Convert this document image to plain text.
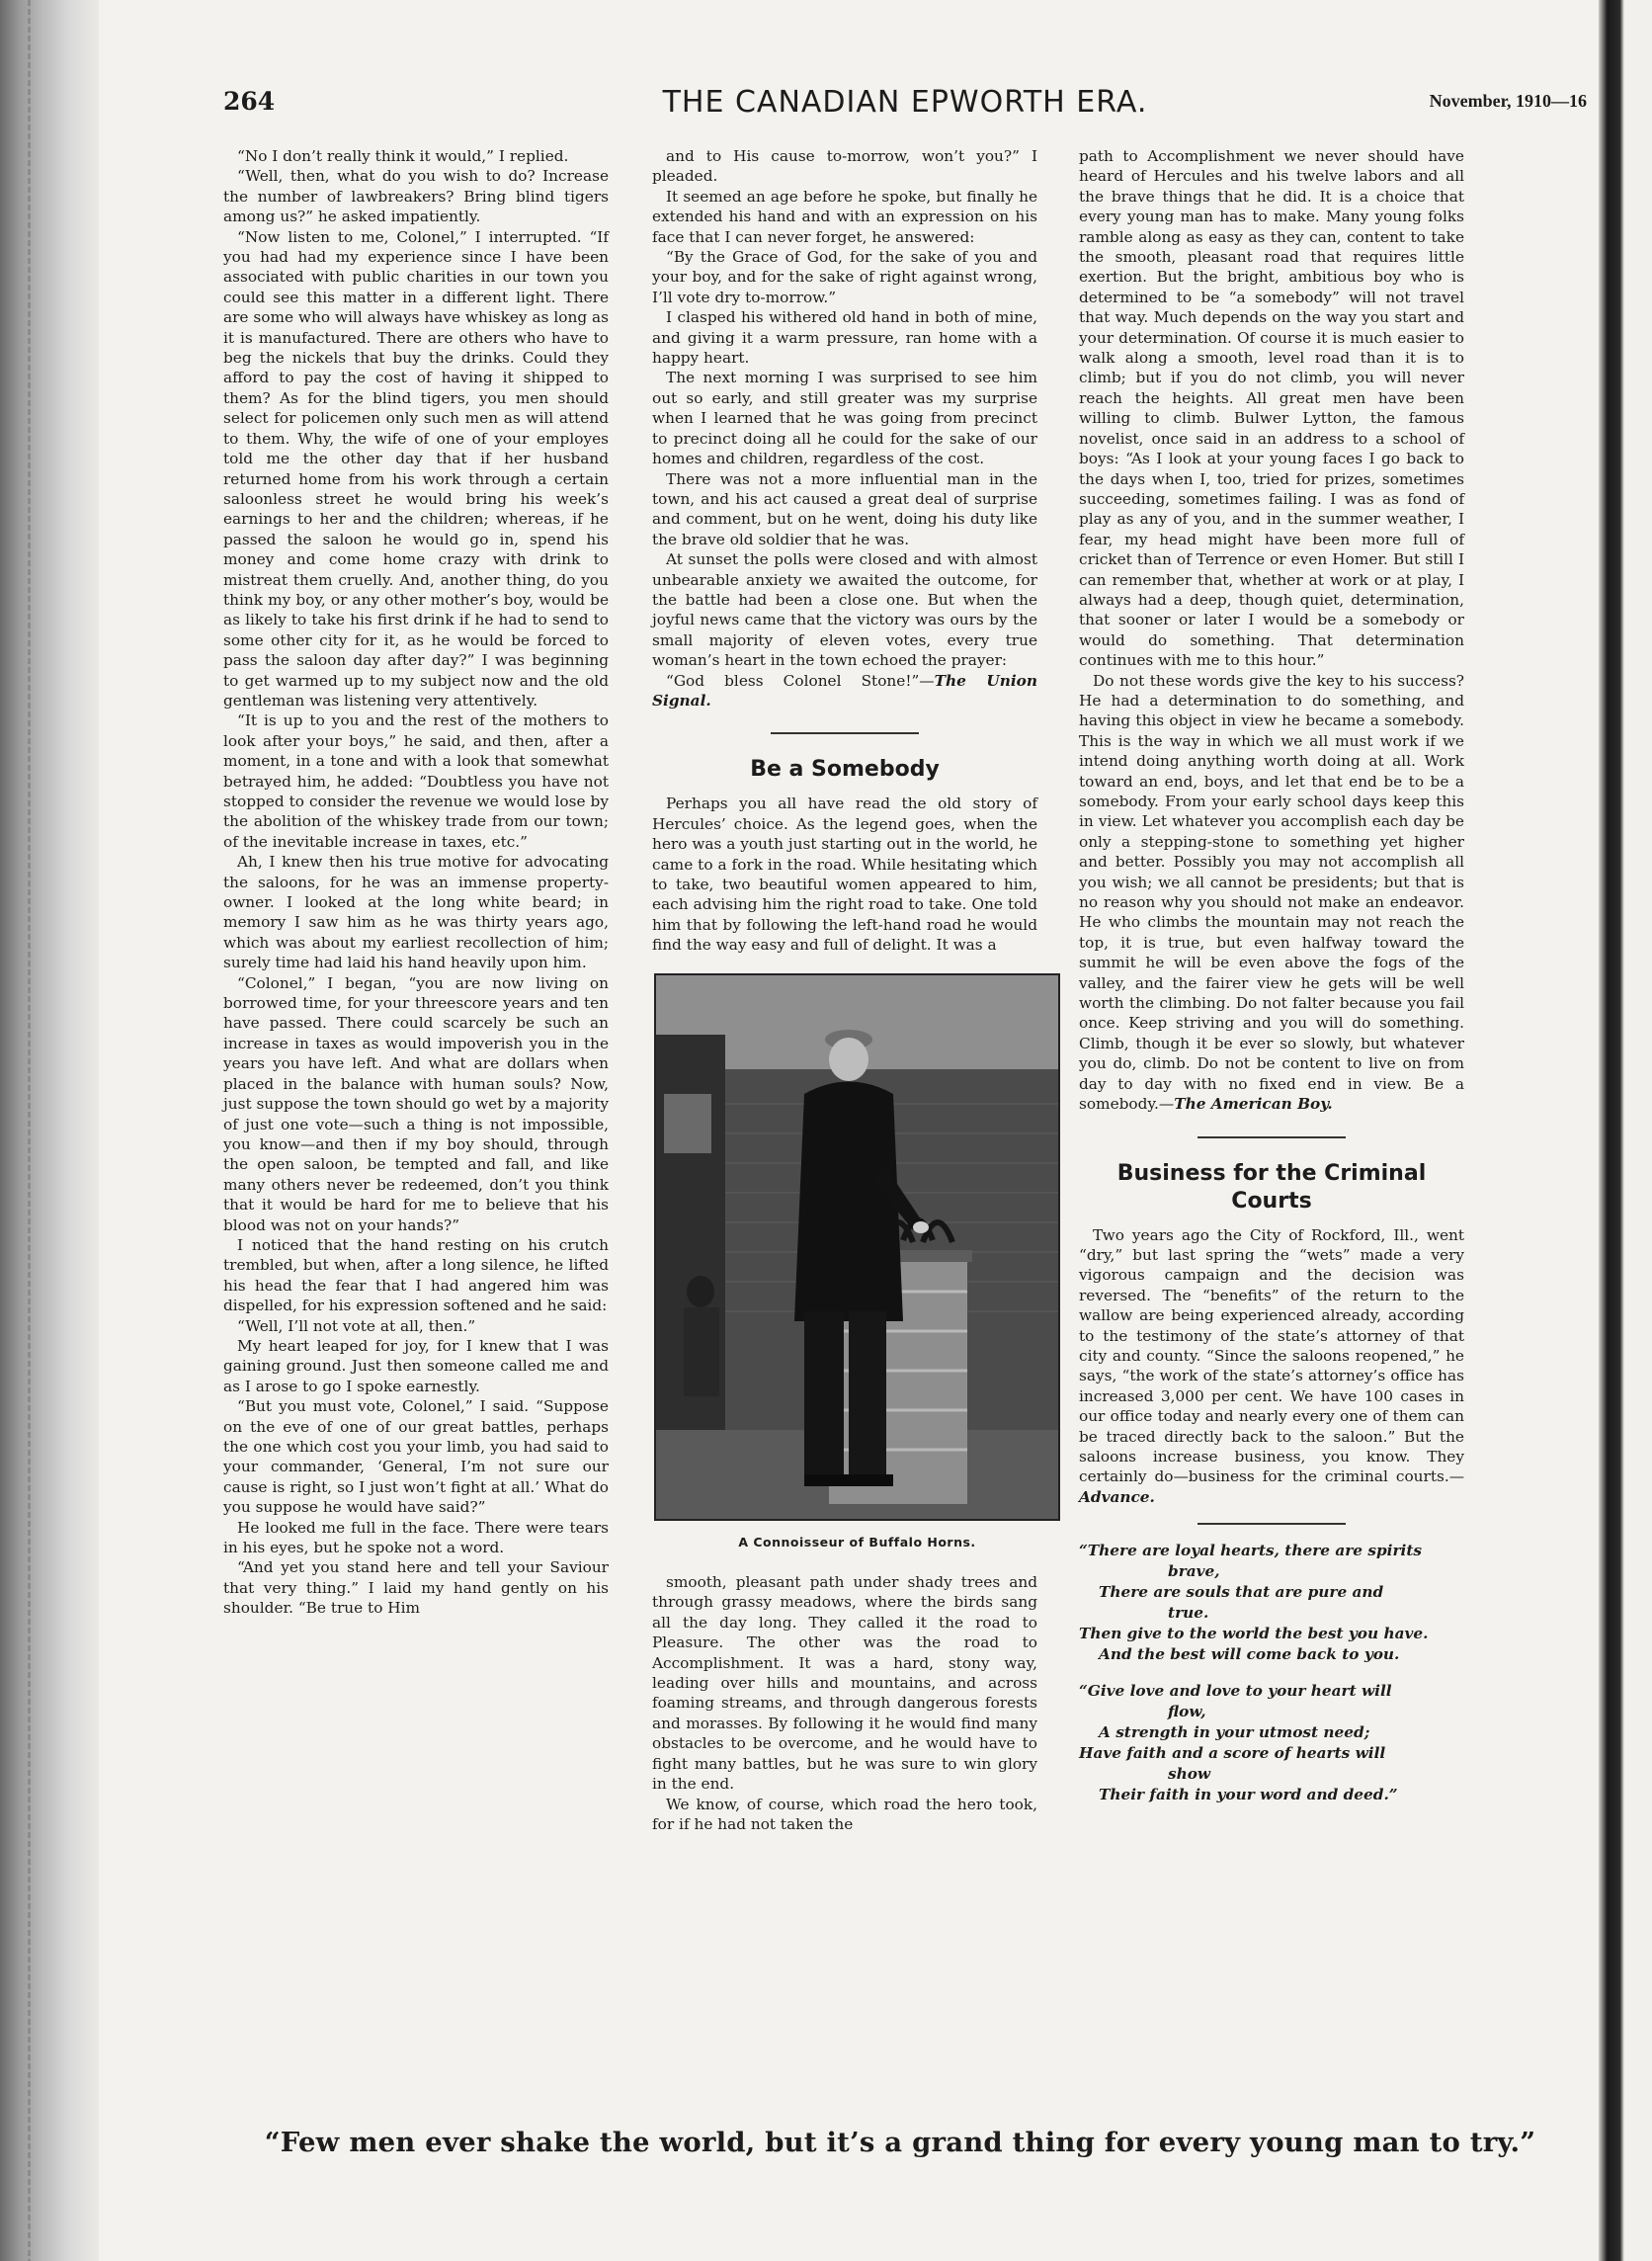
264	THE CANADIAN EPWORTH ERA.	November, 1910—16

“No I don’t really think it would,” I replied.

“Well, then, what do you wish to do? Increase the number of lawbreakers? Bring blind tigers among us?” he asked impatiently.

“Now listen to me, Colonel,” I interrupted. “If you had had my experience since I have been associated with public charities in our town you could see this matter in a different light. There are some who will always have whiskey as long as it is manufactured. There are others who have to beg the nickels that buy the drinks. Could they afford to pay the cost of having it shipped to them? As for the blind tigers, you men should select for policemen only such men as will attend to them. Why, the wife of one of your employes told me the other day that if her husband returned home from his work through a certain saloonless street he would bring his week’s earnings to her and the children; whereas, if he passed the saloon he would go in, spend his money and come home crazy with drink to mistreat them cruelly. And, another thing, do you think my boy, or any other mother’s boy, would be as likely to take his first drink if he had to send to some other city for it, as he would be forced to pass the saloon day after day?” I was beginning to get warmed up to my subject now and the old gentleman was listening very attentively.

“It is up to you and the rest of the mothers to look after your boys,” he said, and then, after a moment, in a tone and with a look that somewhat betrayed him, he added: “Doubtless you have not stopped to consider the revenue we would lose by the abolition of the whiskey trade from our town; of the inevitable increase in taxes, etc.”

Ah, I knew then his true motive for advocating the saloons, for he was an immense property-owner. I looked at the long white beard; in memory I saw him as he was thirty years ago, which was about my earliest recollection of him; surely time had laid his hand heavily upon him.

“Colonel,” I began, “you are now living on borrowed time, for your threescore years and ten have passed. There could scarcely be such an increase in taxes as would impoverish you in the years you have left. And what are dollars when placed in the balance with human souls? Now, just suppose the town should go wet by a majority of just one vote—such a thing is not impossible, you know—and then if my boy should, through the open saloon, be tempted and fall, and like many others never be redeemed, don’t you think that it would be hard for me to believe that his blood was not on your hands?”

I noticed that the hand resting on his crutch trembled, but when, after a long silence, he lifted his head the fear that I had angered him was dispelled, for his expression softened and he said:

“Well, I’ll not vote at all, then.”

My heart leaped for joy, for I knew that I was gaining ground. Just then someone called me and as I arose to go I spoke earnestly.

“But you must vote, Colonel,” I said. “Suppose on the eve of one of our great battles, perhaps the one which cost you your limb, you had said to your commander, ‘General, I’m not sure our cause is right, so I just won’t fight at all.’ What do you suppose he would have said?”

He looked me full in the face. There were tears in his eyes, but he spoke not a word.

“And yet you stand here and tell your Saviour that very thing.” I laid my hand gently on his shoulder. “Be true to Him

and to His cause to-morrow, won’t you?” I pleaded.

It seemed an age before he spoke, but finally he extended his hand and with an expression on his face that I can never forget, he answered:

“By the Grace of God, for the sake of you and your boy, and for the sake of right against wrong, I’ll vote dry to-morrow.”

I clasped his withered old hand in both of mine, and giving it a warm pressure, ran home with a happy heart.

The next morning I was surprised to see him out so early, and still greater was my surprise when I learned that he was going from precinct to precinct doing all he could for the sake of our homes and children, regardless of the cost.

There was not a more influential man in the town, and his act caused a great deal of surprise and comment, but on he went, doing his duty like the brave old soldier that he was.

At sunset the polls were closed and with almost unbearable anxiety we awaited the outcome, for the battle had been a close one. But when the joyful news came that the victory was ours by the small majority of eleven votes, every true woman’s heart in the town echoed the prayer:

“God bless Colonel Stone!”—The Union Signal.

Be a Somebody

Perhaps you all have read the old story of Hercules’ choice. As the legend goes, when the hero was a youth just starting out in the world, he came to a fork in the road. While hesitating which to take, two beautiful women appeared to him, each advising him the right road to take. One told him that by following the left-hand road he would find the way easy and full of delight. It was a

A Connoisseur of Buffalo Horns.

smooth, pleasant path under shady trees and through grassy meadows, where the birds sang all the day long. They called it the road to Pleasure. The other was the road to Accomplishment. It was a hard, stony way, leading over hills and mountains, and across foaming streams, and through dangerous forests and morasses. By following it he would find many obstacles to be overcome, and he would have to fight many battles, but he was sure to win glory in the end.

We know, of course, which road the hero took, for if he had not taken the

path to Accomplishment we never should have heard of Hercules and his twelve labors and all the brave things that he did. It is a choice that every young man has to make. Many young folks ramble along as easy as they can, content to take the smooth, pleasant road that requires little exertion. But the bright, ambitious boy who is determined to be “a somebody” will not travel that way. Much depends on the way you start and your determination. Of course it is much easier to walk along a smooth, level road than it is to climb; but if you do not climb, you will never reach the heights. All great men have been willing to climb. Bulwer Lytton, the famous novelist, once said in an address to a school of boys: “As I look at your young faces I go back to the days when I, too, tried for prizes, sometimes succeeding, sometimes failing. I was as fond of play as any of you, and in the summer weather, I fear, my head might have been more full of cricket than of Terrence or even Homer. But still I can remember that, whether at work or at play, I always had a deep, though quiet, determination, that sooner or later I would be a somebody or would do something. That determination continues with me to this hour.”

Do not these words give the key to his success? He had a determination to do something, and having this object in view he became a somebody. This is the way in which we all must work if we intend doing anything worth doing at all. Work toward an end, boys, and let that end be to be a somebody. From your early school days keep this in view. Let whatever you accomplish each day be only a stepping-stone to something yet higher and better. Possibly you may not accomplish all you wish; we all cannot be presidents; but that is no reason why you should not make an endeavor. He who climbs the mountain may not reach the top, it is true, but even halfway toward the summit he will be even above the fogs of the valley, and the fairer view he gets will be well worth the climbing. Do not falter because you fail once. Keep striving and you will do something. Climb, though it be ever so slowly, but whatever you do, climb. Do not be content to live on from day to day with no fixed end in view. Be a somebody.—The American Boy.

Business for the Criminal Courts

Two years ago the City of Rockford, Ill., went “dry,” but last spring the “wets” made a very vigorous campaign and the decision was reversed. The “benefits” of the return to the wallow are being experienced already, according to the testimony of the state’s attorney of that city and county. “Since the saloons reopened,” he says, “the work of the state’s attorney’s office has increased 3,000 per cent. We have 100 cases in our office today and nearly every one of them can be traced directly back to the saloon.” But the saloons increase business, you know. They certainly do—business for the criminal courts.—Advance.

“There are loyal hearts, there are spirits
brave,
There are souls that are pure and
true.
Then give to the world the best you have.
And the best will come back to you.
“Give love and love to your heart will
flow,
A strength in your utmost need;
Have faith and a score of hearts will
show
Their faith in your word and deed.”
“Few men ever shake the world, but it’s a grand thing for every young man to try.”
